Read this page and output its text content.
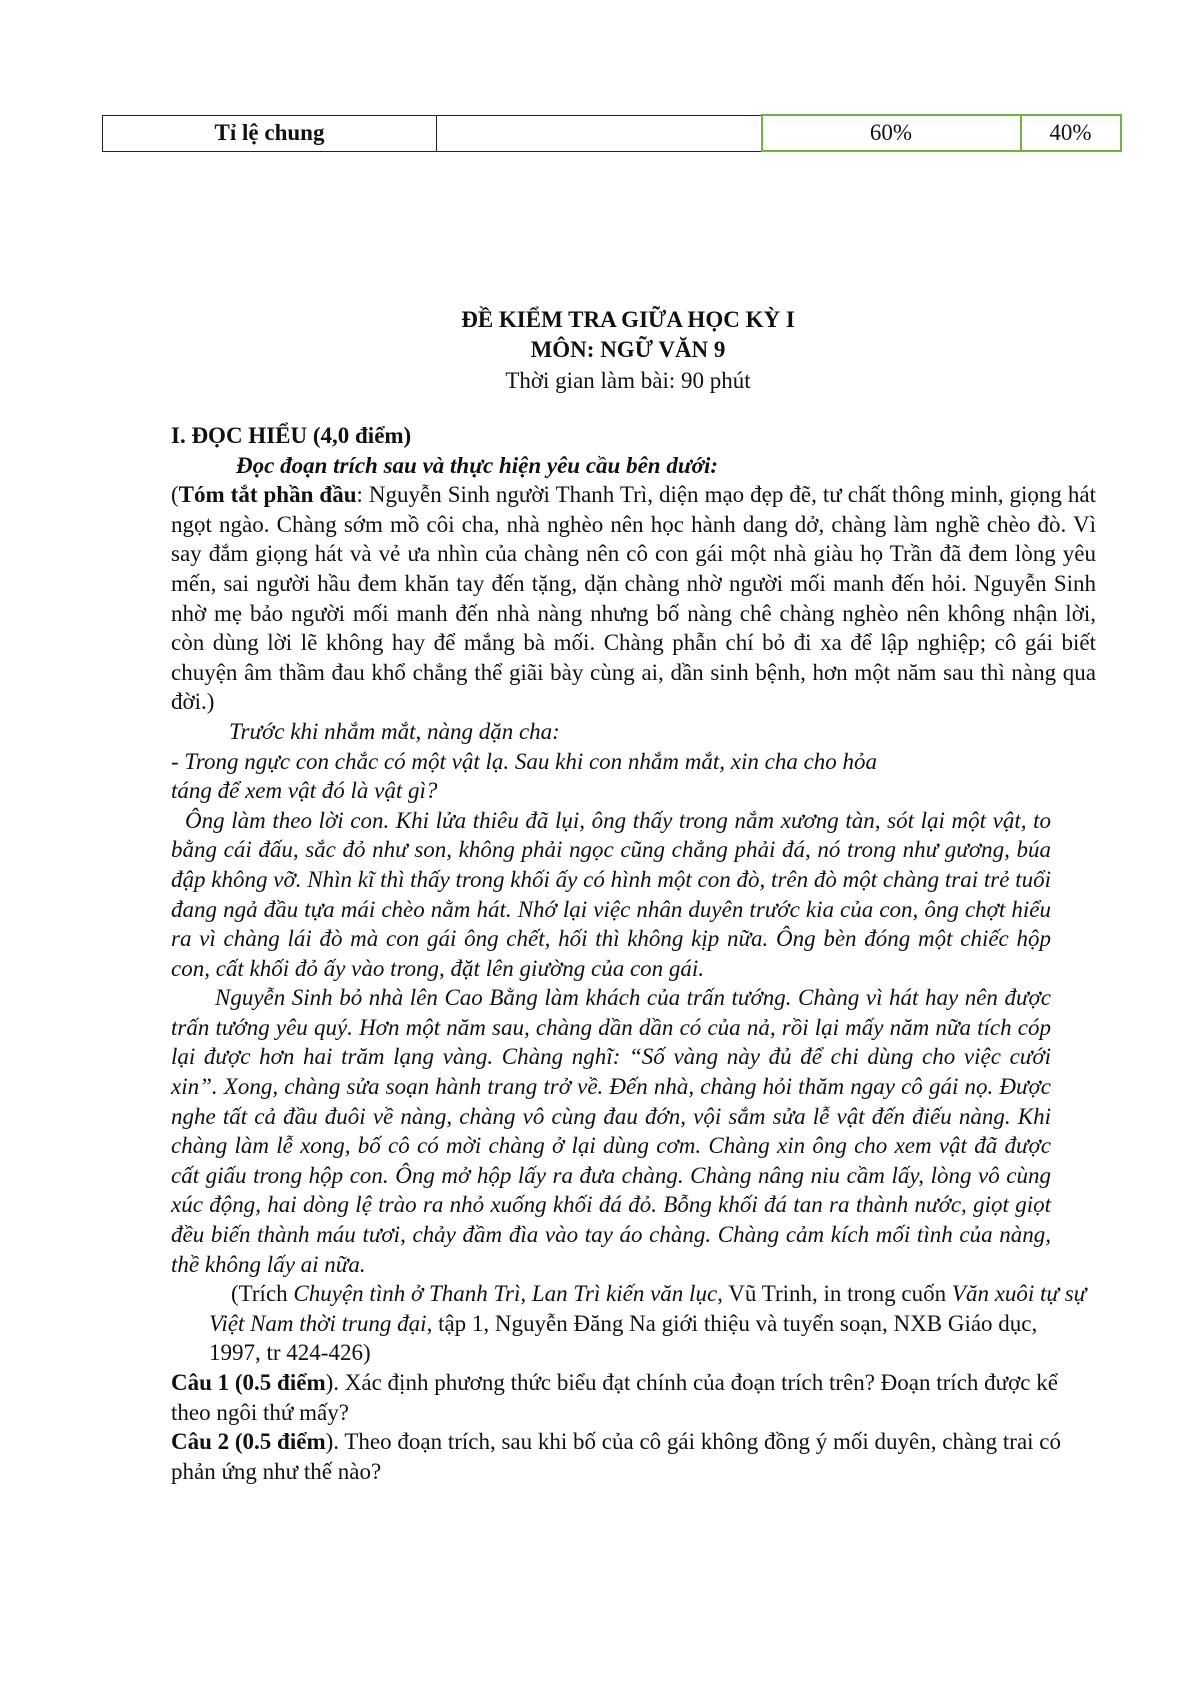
Tỉ lệ chung		60%	40%
ĐỀ KIỂM TRA GIỮA HỌC KỲ I
MÔN: NGỮ VĂN 9
Thời gian làm bài: 90 phút

I. ĐỌC HIỂU (4,0 điểm)

Đọc đoạn trích sau và thực hiện yêu cầu bên dưới:

(Tóm tắt phần đầu: Nguyễn Sinh người Thanh Trì, diện mạo đẹp đẽ, tư chất thông minh, giọng hát ngọt ngào. Chàng sớm mồ côi cha, nhà nghèo nên học hành dang dở, chàng làm nghề chèo đò. Vì say đắm giọng hát và vẻ ưa nhìn của chàng nên cô con gái một nhà giàu họ Trần đã đem lòng yêu mến, sai người hầu đem khăn tay đến tặng, dặn chàng nhờ người mối manh đến hỏi. Nguyễn Sinh nhờ mẹ bảo người mối manh đến nhà nàng nhưng bố nàng chê chàng nghèo nên không nhận lời, còn dùng lời lẽ không hay để mắng bà mối. Chàng phẫn chí bỏ đi xa để lập nghiệp; cô gái biết chuyện âm thầm đau khổ chẳng thể giãi bày cùng ai, dần sinh bệnh, hơn một năm sau thì nàng qua đời.)

Trước khi nhắm mắt, nàng dặn cha:

- Trong ngực con chắc có một vật lạ. Sau khi con nhắm mắt, xin cha cho hỏa

táng để xem vật đó là vật gì?

Ông làm theo lời con. Khi lửa thiêu đã lụi, ông thấy trong nắm xương tàn, sót lại một vật, to bằng cái đấu, sắc đỏ như son, không phải ngọc cũng chẳng phải đá, nó trong như gương, búa đập không vỡ. Nhìn kĩ thì thấy trong khối ấy có hình một con đò, trên đò một chàng trai trẻ tuổi đang ngả đầu tựa mái chèo nằm hát. Nhớ lại việc nhân duyên trước kia của con, ông chợt hiểu ra vì chàng lái đò mà con gái ông chết, hối thì không kịp nữa. Ông bèn đóng một chiếc hộp con, cất khối đỏ ấy vào trong, đặt lên giường của con gái.

Nguyễn Sinh bỏ nhà lên Cao Bằng làm khách của trấn tướng. Chàng vì hát hay nên được trấn tướng yêu quý. Hơn một năm sau, chàng dần dần có của nả, rồi lại mấy năm nữa tích cóp lại được hơn hai trăm lạng vàng. Chàng nghĩ: “Số vàng này đủ để chi dùng cho việc cưới xin”. Xong, chàng sửa soạn hành trang trở về. Đến nhà, chàng hỏi thăm ngay cô gái nọ. Được nghe tất cả đầu đuôi về nàng, chàng vô cùng đau đớn, vội sắm sửa lễ vật đến điếu nàng. Khi chàng làm lễ xong, bố cô có mời chàng ở lại dùng cơm. Chàng xin ông cho xem vật đã được cất giấu trong hộp con. Ông mở hộp lấy ra đưa chàng. Chàng nâng niu cầm lấy, lòng vô cùng xúc động, hai dòng lệ trào ra nhỏ xuống khối đá đỏ. Bỗng khối đá tan ra thành nước, giọt giọt đều biến thành máu tươi, chảy đầm đìa vào tay áo chàng. Chàng cảm kích mối tình của nàng, thề không lấy ai nữa.

(Trích Chuyện tình ở Thanh Trì, Lan Trì kiến văn lục, Vũ Trinh, in trong cuốn Văn xuôi tự sự Việt Nam thời trung đại, tập 1, Nguyễn Đăng Na giới thiệu và tuyển soạn, NXB Giáo dục, 1997, tr 424-426)

Câu 1 (0.5 điểm). Xác định phương thức biểu đạt chính của đoạn trích trên? Đoạn trích được kể theo ngôi thứ mấy?

Câu 2 (0.5 điểm). Theo đoạn trích, sau khi bố của cô gái không đồng ý mối duyên, chàng trai có phản ứng như thế nào?
